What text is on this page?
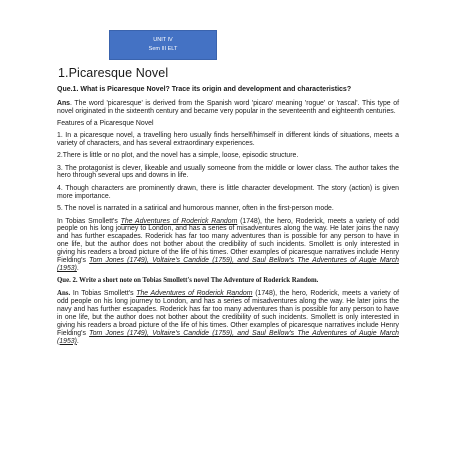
UNIT IV
Sem III ELT
1.Picaresque Novel
Que.1. What is Picaresque Novel? Trace its origin and development and characteristics?

Ans. The word 'picaresque' is derived from the Spanish word 'picaro' meaning 'rogue' or 'rascal'. This type of novel originated in the sixteenth century and became very popular in the seventeenth and eighteenth centuries.

Features of a Picaresque Novel

1. In a picaresque novel, a travelling hero usually finds herself/himself in different kinds of situations, meets a variety of characters, and has several extraordinary experiences.

2.There is little or no plot, and the novel has a simple, loose, episodic structure.

3. The protagonist is clever, likeable and usually someone from the middle or lower class. The author takes the hero through several ups and downs in life.

4. Though characters are prominently drawn, there is little character development. The story (action) is given more importance.

5. The novel is narrated in a satirical and humorous manner, often in the first-person mode.

In Tobias Smollett's The Adventures of Roderick Random (1748), the hero, Roderick, meets a variety of odd people on his long journey to London, and has a series of misadventures along the way. He later joins the navy and has further escapades. Roderick has far too many adventures than is possible for any person to have in one life, but the author does not bother about the credibility of such incidents. Smollett is only interested in giving his readers a broad picture of the life of his times. Other examples of picaresque narratives include Henry Fielding's Tom Jones (1749), Voltaire's Candide (1759), and Saul Bellow's The Adventures of Augie March (1953).

Que. 2. Write a short note on Tobias Smollett's novel The Adventure of Roderick Random.

Ans. In Tobias Smollett's The Adventures of Roderick Random (1748), the hero, Roderick, meets a variety of odd people on his long journey to London, and has a series of misadventures along the way. He later joins the navy and has further escapades. Roderick has far too many adventures than is possible for any person to have in one life, but the author does not bother about the credibility of such incidents. Smollett is only interested in giving his readers a broad picture of the life of his times. Other examples of picaresque narratives include Henry Fielding's Tom Jones (1749), Voltaire's Candide (1759), and Saul Bellow's The Adventures of Augie March (1953).
